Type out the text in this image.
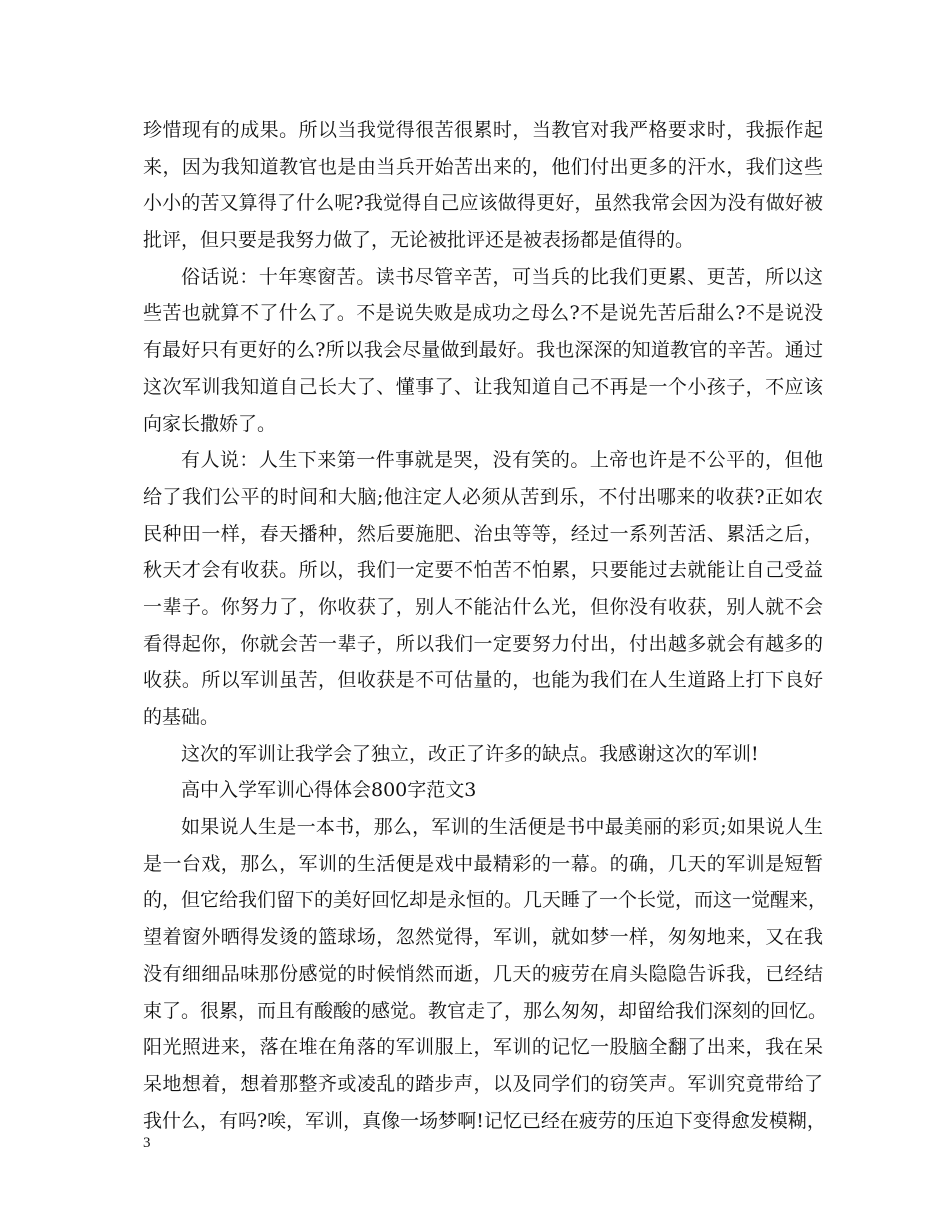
珍惜现有的成果。所以当我觉得很苦很累时，当教官对我严格要求时，我振作起
来，因为我知道教官也是由当兵开始苦出来的，他们付出更多的汗水，我们这些
小小的苦又算得了什么呢?我觉得自己应该做得更好，虽然我常会因为没有做好被
批评，但只要是我努力做了，无论被批评还是被表扬都是值得的。
俗话说：十年寒窗苦。读书尽管辛苦，可当兵的比我们更累、更苦，所以这
些苦也就算不了什么了。不是说失败是成功之母么?不是说先苦后甜么?不是说没
有最好只有更好的么?所以我会尽量做到最好。我也深深的知道教官的辛苦。通过
这次军训我知道自己长大了、懂事了、让我知道自己不再是一个小孩子，不应该
向家长撒娇了。
有人说：人生下来第一件事就是哭，没有笑的。上帝也许是不公平的，但他
给了我们公平的时间和大脑;他注定人必须从苦到乐，不付出哪来的收获?正如农
民种田一样，春天播种，然后要施肥、治虫等等，经过一系列苦活、累活之后，
秋天才会有收获。所以，我们一定要不怕苦不怕累，只要能过去就能让自己受益
一辈子。你努力了，你收获了，别人不能沾什么光，但你没有收获，别人就不会
看得起你，你就会苦一辈子，所以我们一定要努力付出，付出越多就会有越多的
收获。所以军训虽苦，但收获是不可估量的，也能为我们在人生道路上打下良好
的基础。
这次的军训让我学会了独立，改正了许多的缺点。我感谢这次的军训!
高中入学军训心得体会800字范文3
如果说人生是一本书，那么，军训的生活便是书中最美丽的彩页;如果说人生
是一台戏，那么，军训的生活便是戏中最精彩的一幕。的确，几天的军训是短暂
的，但它给我们留下的美好回忆却是永恒的。几天睡了一个长觉，而这一觉醒来，
望着窗外晒得发烫的篮球场，忽然觉得，军训，就如梦一样，匆匆地来，又在我
没有细细品味那份感觉的时候悄然而逝，几天的疲劳在肩头隐隐告诉我，已经结
束了。很累，而且有酸酸的感觉。教官走了，那么匆匆，却留给我们深刻的回忆。
阳光照进来，落在堆在角落的军训服上，军训的记忆一股脑全翻了出来，我在呆
呆地想着，想着那整齐或凌乱的踏步声，以及同学们的窃笑声。军训究竟带给了
我什么，有吗?唉，军训，真像一场梦啊!记忆已经在疲劳的压迫下变得愈发模糊，
3
